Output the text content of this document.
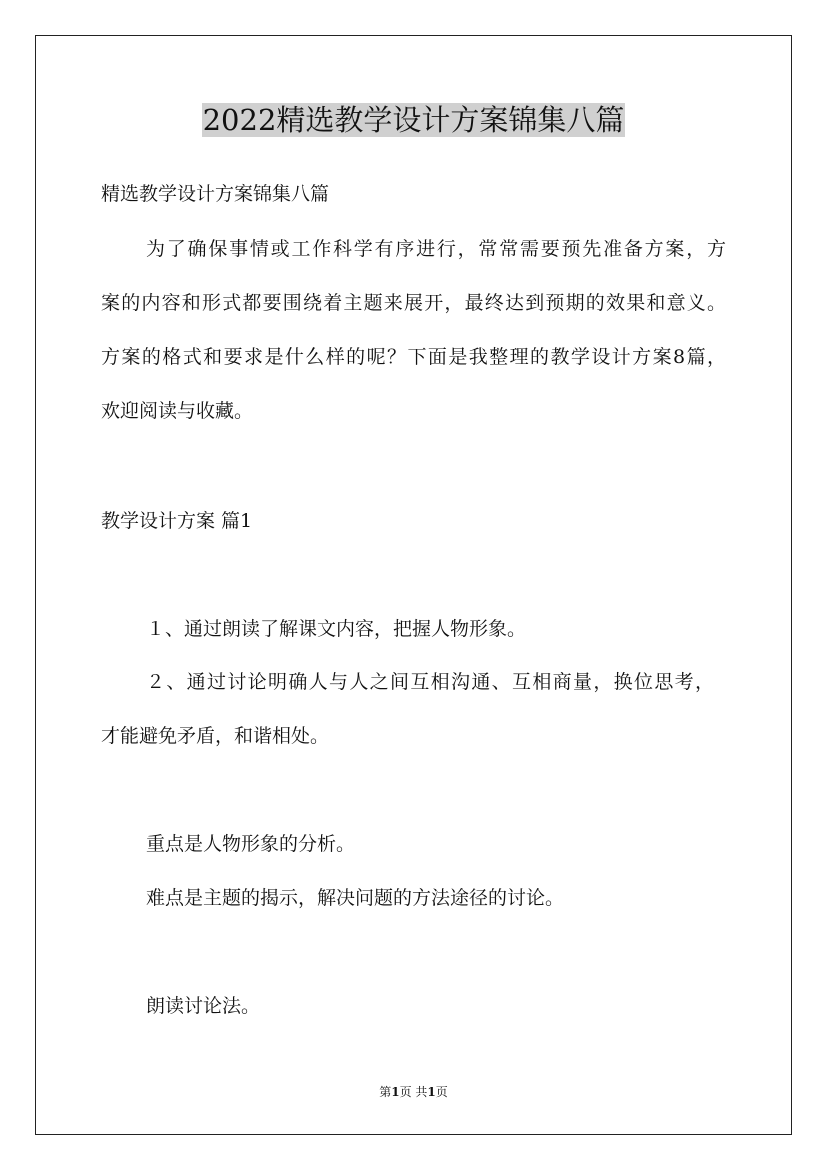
2022精选教学设计方案锦集八篇
精选教学设计方案锦集八篇
为了确保事情或工作科学有序进行，常常需要预先准备方案，方
案的内容和形式都要围绕着主题来展开，最终达到预期的效果和意义。
方案的格式和要求是什么样的呢？下面是我整理的教学设计方案8篇，
欢迎阅读与收藏。
教学设计方案 篇1
１、通过朗读了解课文内容，把握人物形象。
２、通过讨论明确人与人之间互相沟通、互相商量，换位思考，
才能避免矛盾，和谐相处。
重点是人物形象的分析。
难点是主题的揭示，解决问题的方法途径的讨论。
朗读讨论法。
第1页 共1页
